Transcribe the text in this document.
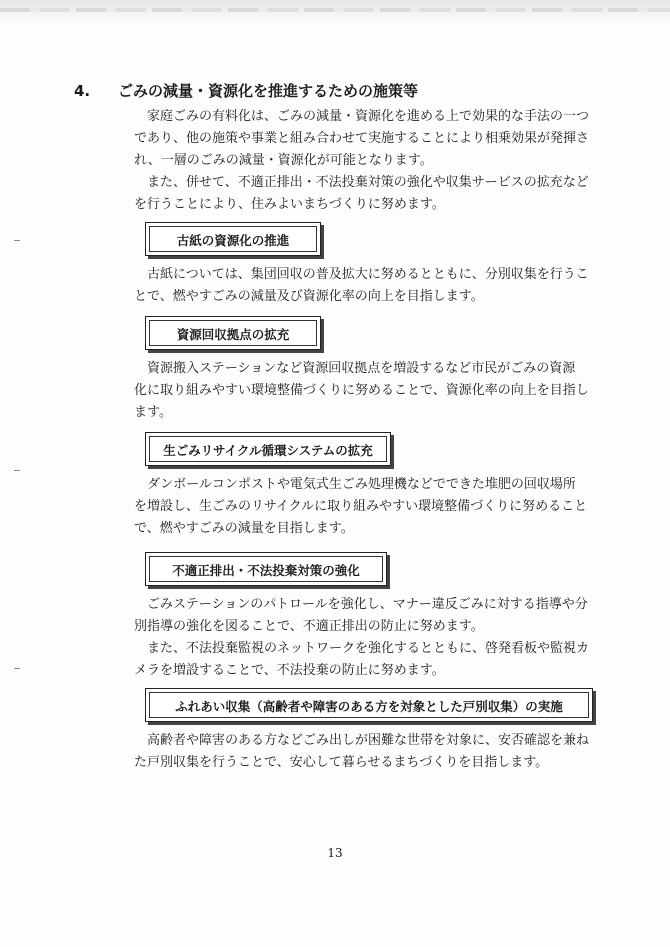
4. ごみの減量・資源化を推進するための施策等
家庭ごみの有料化は、ごみの減量・資源化を進める上で効果的な手法の一つ
であり、他の施策や事業と組み合わせて実施することにより相乗効果が発揮さ
れ、一層のごみの減量・資源化が可能となります。
また、併せて、不適正排出・不法投棄対策の強化や収集サービスの拡充など
を行うことにより、住みよいまちづくりに努めます。
古紙の資源化の推進
古紙については、集団回収の普及拡大に努めるとともに、分別収集を行うこ
とで、燃やすごみの減量及び資源化率の向上を目指します。
資源回収拠点の拡充
資源搬入ステーションなど資源回収拠点を増設するなど市民がごみの資源
化に取り組みやすい環境整備づくりに努めることで、資源化率の向上を目指し
ます。
生ごみリサイクル循環システムの拡充
ダンボールコンポストや電気式生ごみ処理機などでできた堆肥の回収場所
を増設し、生ごみのリサイクルに取り組みやすい環境整備づくりに努めること
で、燃やすごみの減量を目指します。
不適正排出・不法投棄対策の強化
ごみステーションのパトロールを強化し、マナー違反ごみに対する指導や分
別指導の強化を図ることで、不適正排出の防止に努めます。
また、不法投棄監視のネットワークを強化するとともに、啓発看板や監視カ
メラを増設することで、不法投棄の防止に努めます。
ふれあい収集（高齢者や障害のある方を対象とした戸別収集）の実施
高齢者や障害のある方などごみ出しが困難な世帯を対象に、安否確認を兼ね
た戸別収集を行うことで、安心して暮らせるまちづくりを目指します。
13
